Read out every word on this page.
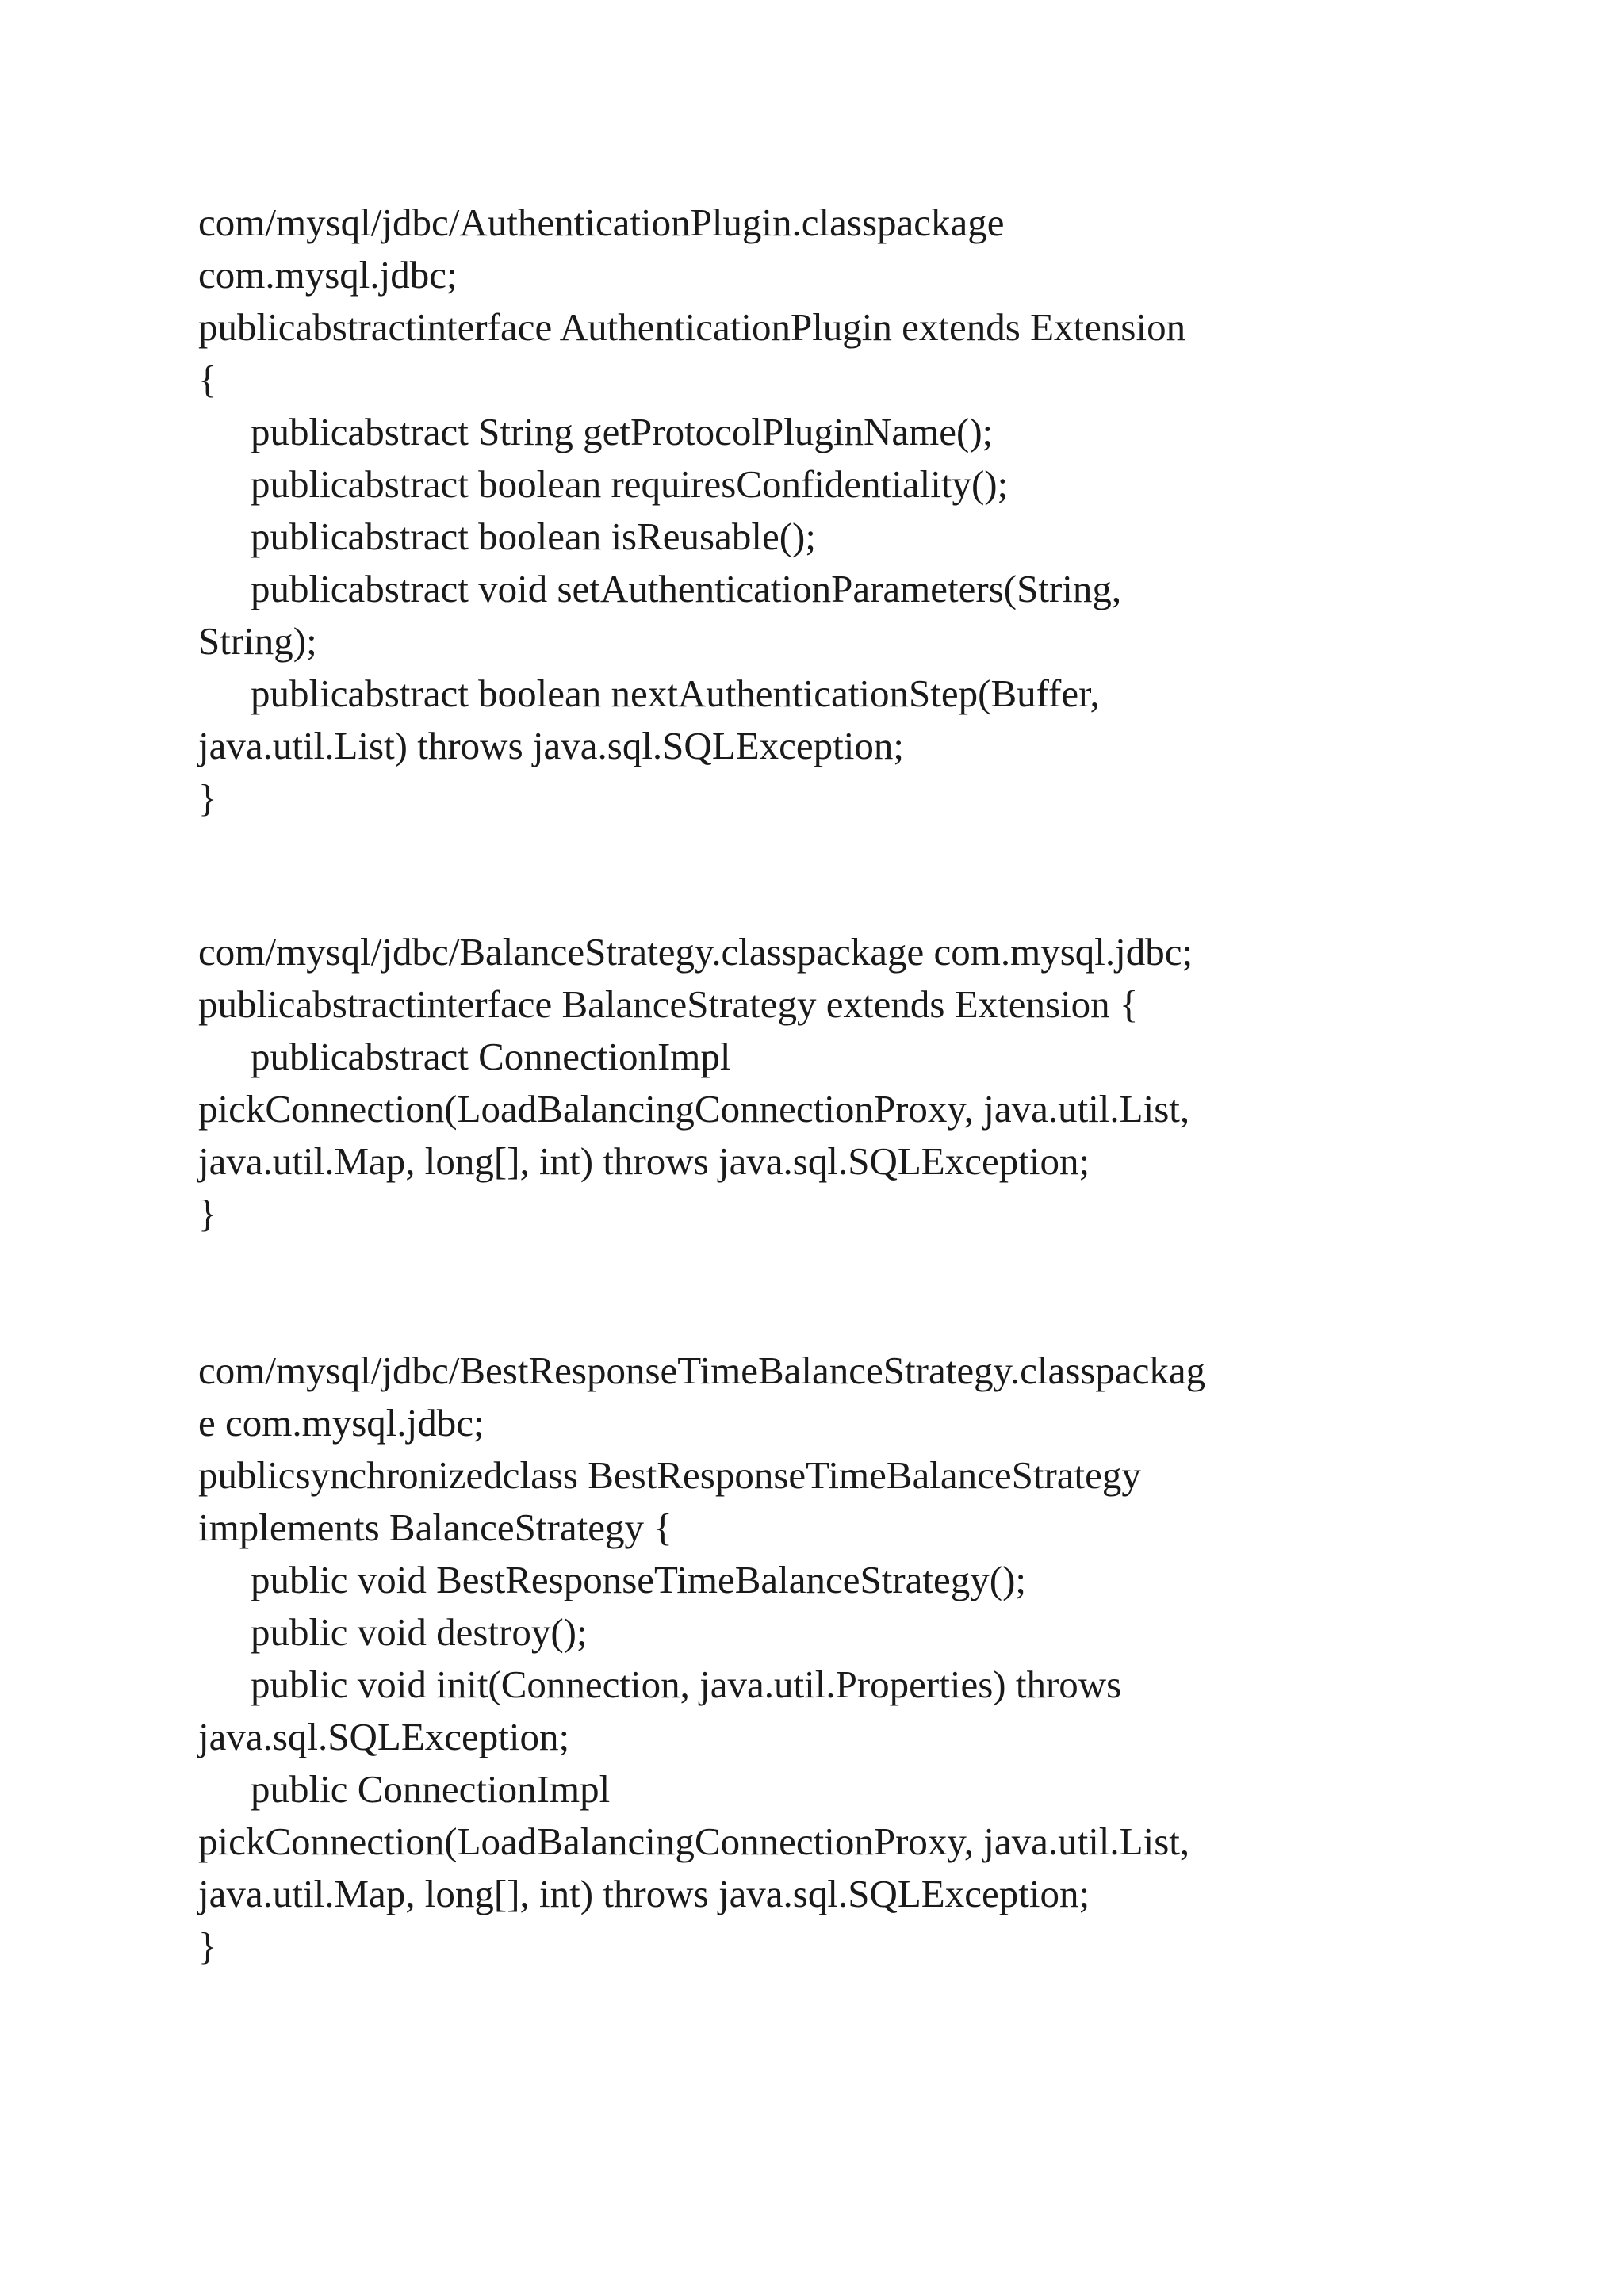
com/mysql/jdbc/AuthenticationPlugin.classpackage
com.mysql.jdbc;
publicabstractinterface AuthenticationPlugin extends Extension
{
publicabstract String getProtocolPluginName();
publicabstract boolean requiresConfidentiality();
publicabstract boolean isReusable();
publicabstract void setAuthenticationParameters(String,
String);
publicabstract boolean nextAuthenticationStep(Buffer,
java.util.List) throws java.sql.SQLException;
}
com/mysql/jdbc/BalanceStrategy.classpackage com.mysql.jdbc;
publicabstractinterface BalanceStrategy extends Extension {
publicabstract ConnectionImpl
pickConnection(LoadBalancingConnectionProxy, java.util.List,
java.util.Map, long[], int) throws java.sql.SQLException;
}
com/mysql/jdbc/BestResponseTimeBalanceStrategy.classpackag
e com.mysql.jdbc;
publicsynchronizedclass BestResponseTimeBalanceStrategy
implements BalanceStrategy {
public void BestResponseTimeBalanceStrategy();
public void destroy();
public void init(Connection, java.util.Properties) throws
java.sql.SQLException;
public ConnectionImpl
pickConnection(LoadBalancingConnectionProxy, java.util.List,
java.util.Map, long[], int) throws java.sql.SQLException;
}
